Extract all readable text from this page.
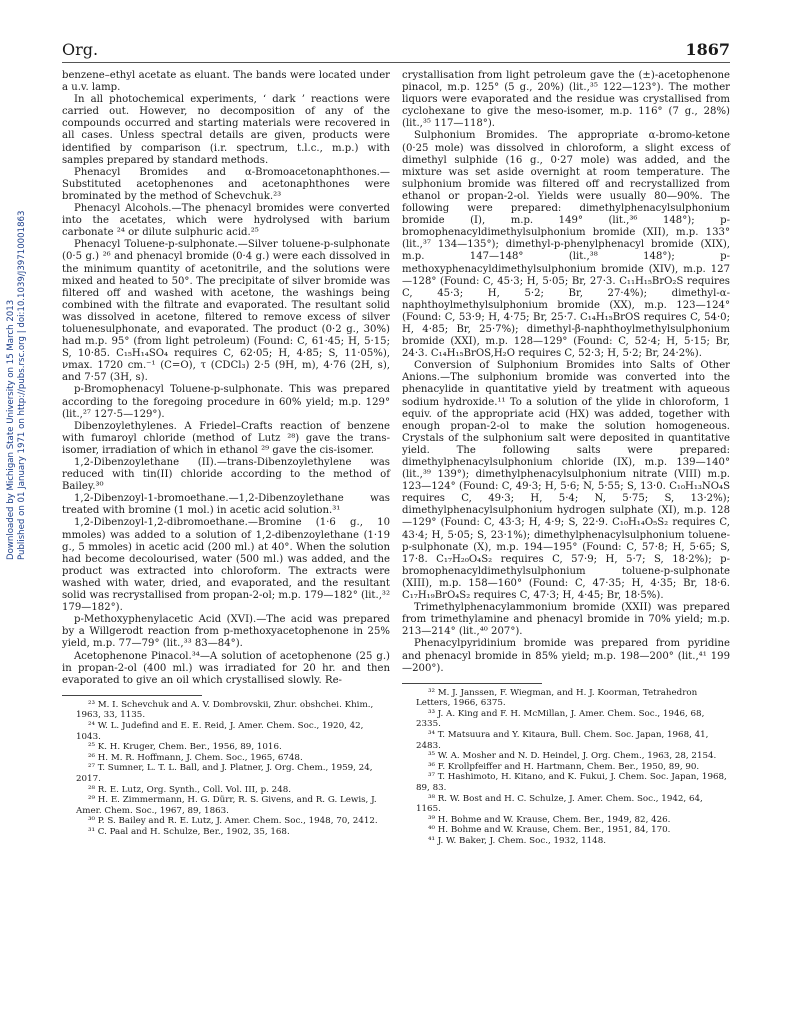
Downloaded by Michigan State University on 15 March 2013 Published on 01 January 1971 on http://pubs.rsc.org | doi:10.1039/J39710001863
Org.	1867

benzene–ethyl acetate as eluant. The bands were located under a u.v. lamp.

In all photochemical experiments, ‘ dark ’ reactions were carried out. However, no decomposition of any of the compounds occurred and starting materials were recovered in all cases. Unless spectral details are given, products were identified by comparison (i.r. spectrum, t.l.c., m.p.) with samples prepared by standard methods.

Phenacyl Bromides and α-Bromoacetonaphthones.—Substituted acetophenones and acetonaphthones were brominated by the method of Schevchuk.²³

Phenacyl Alcohols.—The phenacyl bromides were converted into the acetates, which were hydrolysed with barium carbonate ²⁴ or dilute sulphuric acid.²⁵

Phenacyl Toluene-p-sulphonate.—Silver toluene-p-sulphonate (0·5 g.) ²⁶ and phenacyl bromide (0·4 g.) were each dissolved in the minimum quantity of acetonitrile, and the solutions were mixed and heated to 50°. The precipitate of silver bromide was filtered off and washed with acetone, the washings being combined with the filtrate and evaporated. The resultant solid was dissolved in acetone, filtered to remove excess of silver toluenesulphonate, and evaporated. The product (0·2 g., 30%) had m.p. 95° (from light petroleum) (Found: C, 61·45; H, 5·15; S, 10·85. C₁₅H₁₄SO₄ requires C, 62·05; H, 4·85; S, 11·05%), νmax. 1720 cm.⁻¹ (C=O), τ (CDCl₃) 2·5 (9H, m), 4·76 (2H, s), and 7·57 (3H, s).

p-Bromophenacyl Toluene-p-sulphonate. This was prepared according to the foregoing procedure in 60% yield; m.p. 129° (lit.,²⁷ 127·5—129°).

Dibenzoylethylenes. A Friedel–Crafts reaction of benzene with fumaroyl chloride (method of Lutz ²⁸) gave the trans-isomer, irradiation of which in ethanol ²⁹ gave the cis-isomer.

1,2-Dibenzoylethane (II).—trans-Dibenzoylethylene was reduced with tin(II) chloride according to the method of Bailey.³⁰

1,2-Dibenzoyl-1-bromoethane.—1,2-Dibenzoylethane was treated with bromine (1 mol.) in acetic acid solution.³¹

1,2-Dibenzoyl-1,2-dibromoethane.—Bromine (1·6 g., 10 mmoles) was added to a solution of 1,2-dibenzoylethane (1·19 g., 5 mmoles) in acetic acid (200 ml.) at 40°. When the solution had become decolourised, water (500 ml.) was added, and the product was extracted into chloroform. The extracts were washed with water, dried, and evaporated, and the resultant solid was recrystallised from propan-2-ol; m.p. 179—182° (lit.,³² 179—182°).

p-Methoxyphenylacetic Acid (XVI).—The acid was prepared by a Willgerodt reaction from p-methoxyacetophenone in 25% yield, m.p. 77—79° (lit.,³³ 83—84°).

Acetophenone Pinacol.³⁴—A solution of acetophenone (25 g.) in propan-2-ol (400 ml.) was irradiated for 20 hr. and then evaporated to give an oil which crystallised slowly. Re-

²³ M. I. Schevchuk and A. V. Dombrovskii, Zhur. obshchei. Khim., 1963, 33, 1135.

²⁴ W. L. Judefind and E. E. Reid, J. Amer. Chem. Soc., 1920, 42, 1043.

²⁵ K. H. Kruger, Chem. Ber., 1956, 89, 1016.

²⁶ H. M. R. Hoffmann, J. Chem. Soc., 1965, 6748.

²⁷ T. Sumner, L. T. L. Ball, and J. Platner, J. Org. Chem., 1959, 24, 2017.

²⁸ R. E. Lutz, Org. Synth., Coll. Vol. III, p. 248.

²⁹ H. E. Zimmermann, H. G. Dürr, R. S. Givens, and R. G. Lewis, J. Amer. Chem. Soc., 1967, 89, 1863.

³⁰ P. S. Bailey and R. E. Lutz, J. Amer. Chem. Soc., 1948, 70, 2412.

³¹ C. Paal and H. Schulze, Ber., 1902, 35, 168.

crystallisation from light petroleum gave the (±)-acetophenone pinacol, m.p. 125° (5 g., 20%) (lit.,³⁵ 122—123°). The mother liquors were evaporated and the residue was crystallised from cyclohexane to give the meso-isomer, m.p. 116° (7 g., 28%) (lit.,³⁵ 117—118°).

Sulphonium Bromides. The appropriate α-bromo-ketone (0·25 mole) was dissolved in chloroform, a slight excess of dimethyl sulphide (16 g., 0·27 mole) was added, and the mixture was set aside overnight at room temperature. The sulphonium bromide was filtered off and recrystallized from ethanol or propan-2-ol. Yields were usually 80—90%. The following were prepared: dimethylphenacylsulphonium bromide (I), m.p. 149° (lit.,³⁶ 148°); p-bromophenacyldimethylsulphonium bromide (XII), m.p. 133° (lit.,³⁷ 134—135°); dimethyl-p-phenylphenacyl bromide (XIX), m.p. 147—148° (lit.,³⁸ 148°); p-methoxyphenacyldimethylsulphonium bromide (XIV), m.p. 127—128° (Found: C, 45·3; H, 5·05; Br, 27·3. C₁₁H₁₅BrO₂S requires C, 45·3; H, 5·2; Br, 27·4%); dimethyl-α-naphthoylmethylsulphonium bromide (XX), m.p. 123—124° (Found: C, 53·9; H, 4·75; Br, 25·7. C₁₄H₁₅BrOS requires C, 54·0; H, 4·85; Br, 25·7%); dimethyl-β-naphthoylmethylsulphonium bromide (XXI), m.p. 128—129° (Found: C, 52·4; H, 5·15; Br, 24·3. C₁₄H₁₅BrOS,H₂O requires C, 52·3; H, 5·2; Br, 24·2%).

Conversion of Sulphonium Bromides into Salts of Other Anions.—The sulphonium bromide was converted into the phenacylide in quantitative yield by treatment with aqueous sodium hydroxide.¹¹ To a solution of the ylide in chloroform, 1 equiv. of the appropriate acid (HX) was added, together with enough propan-2-ol to make the solution homogeneous. Crystals of the sulphonium salt were deposited in quantitative yield. The following salts were prepared: dimethylphenacylsulphonium chloride (IX), m.p. 139—140° (lit.,³⁹ 139°); dimethylphenacylsulphonium nitrate (VIII) m.p. 123—124° (Found: C, 49·3; H, 5·6; N, 5·55; S, 13·0. C₁₀H₁₃NO₄S requires C, 49·3; H, 5·4; N, 5·75; S, 13·2%); dimethylphenacylsulphonium hydrogen sulphate (XI), m.p. 128—129° (Found: C, 43·3; H, 4·9; S, 22·9. C₁₀H₁₄O₅S₂ requires C, 43·4; H, 5·05; S, 23·1%); dimethylphenacylsulphonium toluene-p-sulphonate (X), m.p. 194—195° (Found: C, 57·8; H, 5·65; S, 17·8. C₁₇H₂₀O₄S₂ requires C, 57·9; H, 5·7; S, 18·2%); p-bromophenacyldimethylsulphonium toluene-p-sulphonate (XIII), m.p. 158—160° (Found: C, 47·35; H, 4·35; Br, 18·6. C₁₇H₁₉BrO₄S₂ requires C, 47·3; H, 4·45; Br, 18·5%).

Trimethylphenacylammonium bromide (XXII) was prepared from trimethylamine and phenacyl bromide in 70% yield; m.p. 213—214° (lit.,⁴⁰ 207°).

Phenacylpyridinium bromide was prepared from pyridine and phenacyl bromide in 85% yield; m.p. 198—200° (lit.,⁴¹ 199—200°).

³² M. J. Janssen, F. Wiegman, and H. J. Koorman, Tetrahedron Letters, 1966, 6375.

³³ J. A. King and F. H. McMillan, J. Amer. Chem. Soc., 1946, 68, 2335.

³⁴ T. Matsuura and Y. Kitaura, Bull. Chem. Soc. Japan, 1968, 41, 2483.

³⁵ W. A. Mosher and N. D. Heindel, J. Org. Chem., 1963, 28, 2154.

³⁶ F. Krollpfeiffer and H. Hartmann, Chem. Ber., 1950, 89, 90.

³⁷ T. Hashimoto, H. Kitano, and K. Fukui, J. Chem. Soc. Japan, 1968, 89, 83.

³⁸ R. W. Bost and H. C. Schulze, J. Amer. Chem. Soc., 1942, 64, 1165.

³⁹ H. Bohme and W. Krause, Chem. Ber., 1949, 82, 426.

⁴⁰ H. Bohme and W. Krause, Chem. Ber., 1951, 84, 170.

⁴¹ J. W. Baker, J. Chem. Soc., 1932, 1148.
